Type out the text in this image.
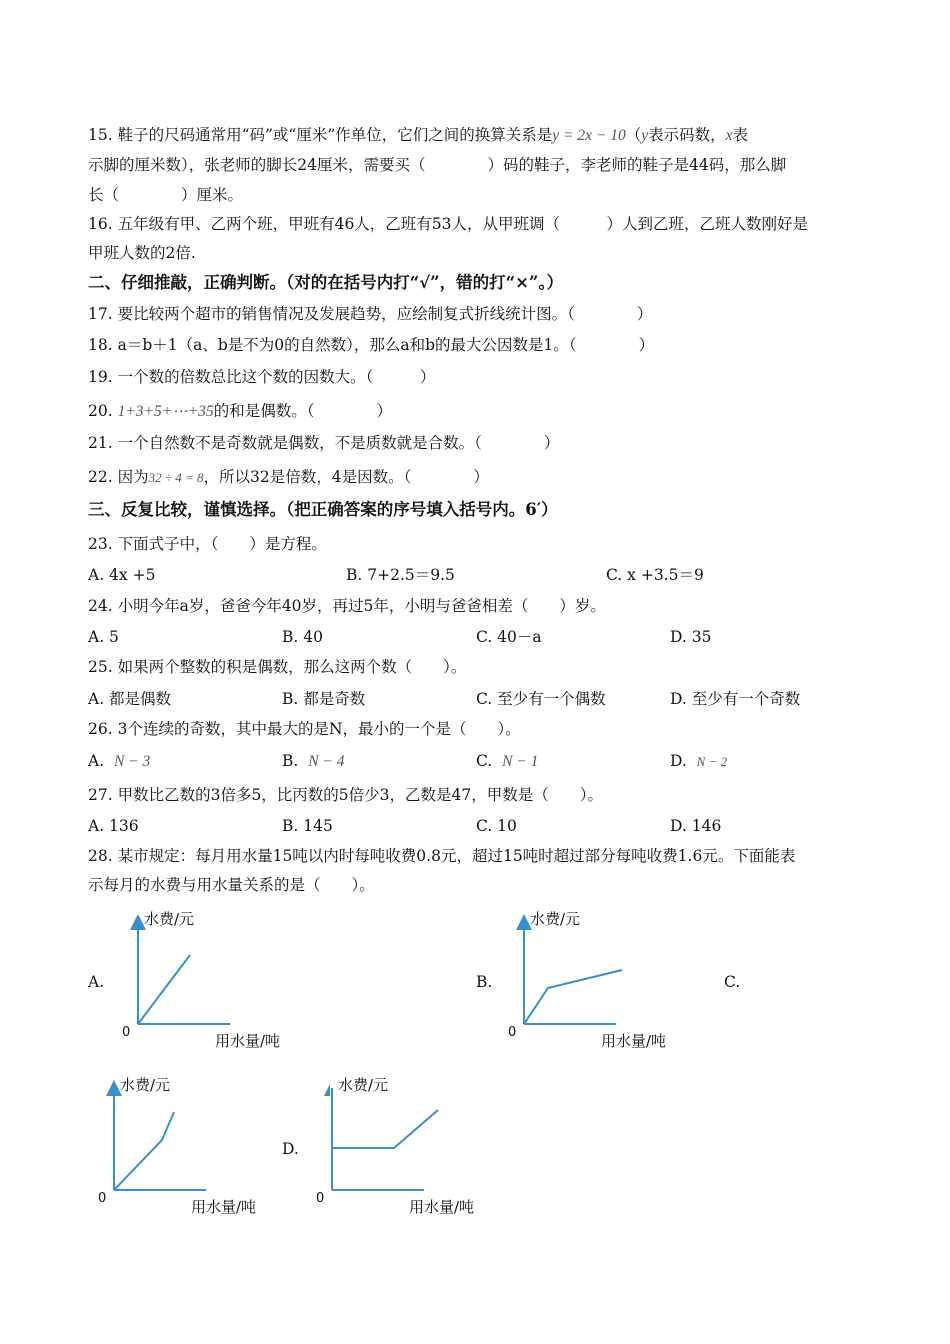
15. 鞋子的尺码通常用“码”或“厘米”作单位，它们之间的换算关系是y = 2x − 10（y表示码数，x表
示脚的厘米数），张老师的脚长24厘米，需要买（　　　　）码的鞋子，李老师的鞋子是44码，那么脚
长（　　　　）厘米。
16. 五年级有甲、乙两个班，甲班有46人，乙班有53人，从甲班调（　　　）人到乙班，乙班人数刚好是
甲班人数的2倍.
二、仔细推敲，正确判断。（对的在括号内打“√”，错的打“×”。）
17. 要比较两个超市的销售情况及发展趋势，应绘制复式折线统计图。（　　　　）
18. a＝b＋1（a、b是不为0的自然数），那么a和b的最大公因数是1。（　　　　）
19. 一个数的倍数总比这个数的因数大。（　　　）
20. 1+3+5+⋯+35的和是偶数。（　　　　）
21. 一个自然数不是奇数就是偶数，不是质数就是合数。（　　　　）
22. 因为32 ÷ 4 = 8，所以32是倍数，4是因数。（　　　　）
三、反复比较，谨慎选择。（把正确答案的序号填入括号内。6′）
23. 下面式子中，（　　）是方程。
A. 4x +5	B. 7+2.5＝9.5	C. x +3.5＝9
24. 小明今年a岁，爸爸今年40岁，再过5年，小明与爸爸相差（　　）岁。
A. 5	B. 40	C. 40－a	D. 35
25. 如果两个整数的积是偶数，那么这两个数（　　）。
A. 都是偶数	B. 都是奇数	C. 至少有一个偶数	D. 至少有一个奇数
26. 3个连续的奇数，其中最大的是N，最小的一个是（　　）。
A. N − 3	B. N − 4	C. N − 1	D. N − 2
27. 甲数比乙数的3倍多5，比丙数的5倍少3，乙数是47，甲数是（　　）。
A. 136	B. 145	C. 10	D. 146
28. 某市规定：每月用水量15吨以内时每吨收费0.8元，超过15吨时超过部分每吨收费1.6元。下面能表
示每月的水费与用水量关系的是（　　）。
A.	B.	C.
D.
水费/元
用水量/吨
0
水费/元
用水量/吨
0
水费/元
用水量/吨
0
水费/元
用水量/吨
0
